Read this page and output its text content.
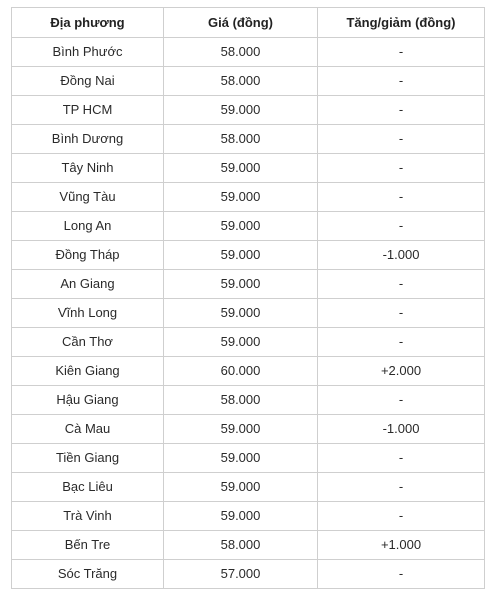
Địa phương	Giá (đồng)	Tăng/giảm (đồng)
Bình Phước	58.000	-
Đồng Nai	58.000	-
TP HCM	59.000	-
Bình Dương	58.000	-
Tây Ninh	59.000	-
Vũng Tàu	59.000	-
Long An	59.000	-
Đồng Tháp	59.000	-1.000
An Giang	59.000	-
Vĩnh Long	59.000	-
Cần Thơ	59.000	-
Kiên Giang	60.000	+2.000
Hậu Giang	58.000	-
Cà Mau	59.000	-1.000
Tiền Giang	59.000	-
Bạc Liêu	59.000	-
Trà Vinh	59.000	-
Bến Tre	58.000	+1.000
Sóc Trăng	57.000	-
